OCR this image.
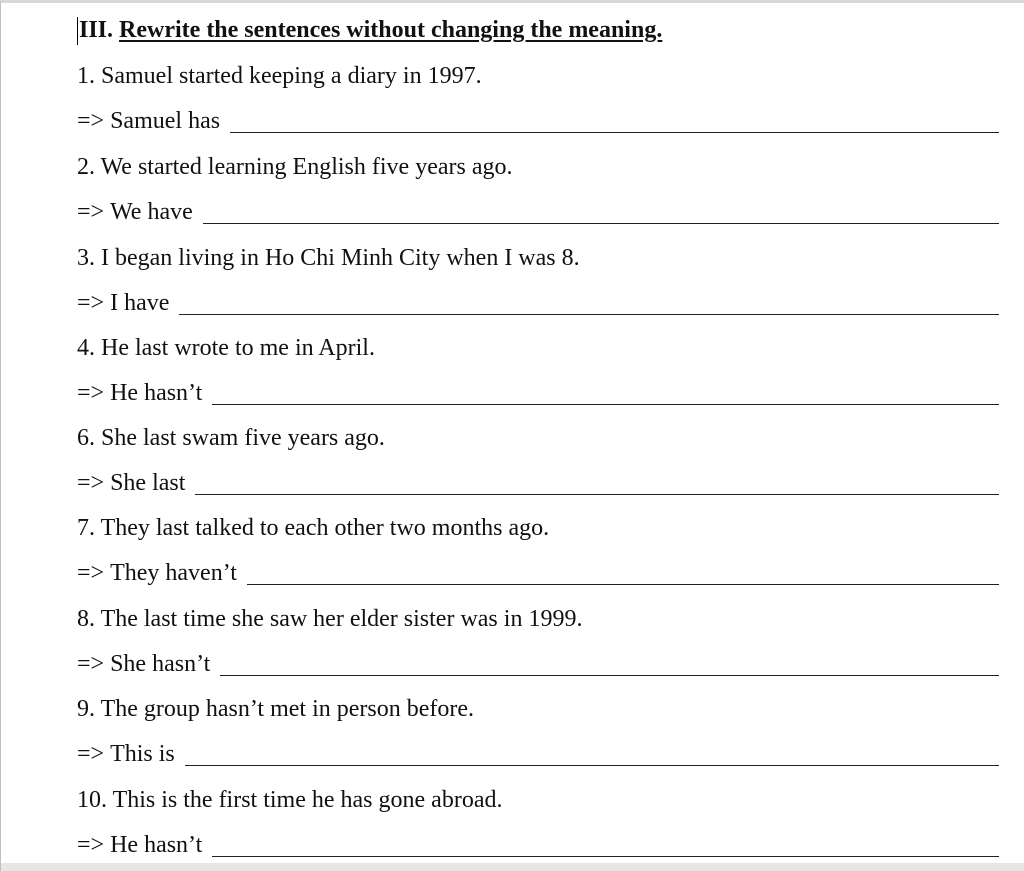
III. Rewrite the sentences without changing the meaning.
1. Samuel started keeping a diary in 1997.
=> Samuel has
2. We started learning English five years ago.
=> We have
3. I began living in Ho Chi Minh City when I was 8.
=> I have
4. He last wrote to me in April.
=> He hasn’t
6. She last swam five years ago.
=> She last
7. They last talked to each other two months ago.
=> They haven’t
8. The last time she saw her elder sister was in 1999.
=> She hasn’t
9. The group hasn’t met in person before.
=> This is
10. This is the first time he has gone abroad.
=> He hasn’t
